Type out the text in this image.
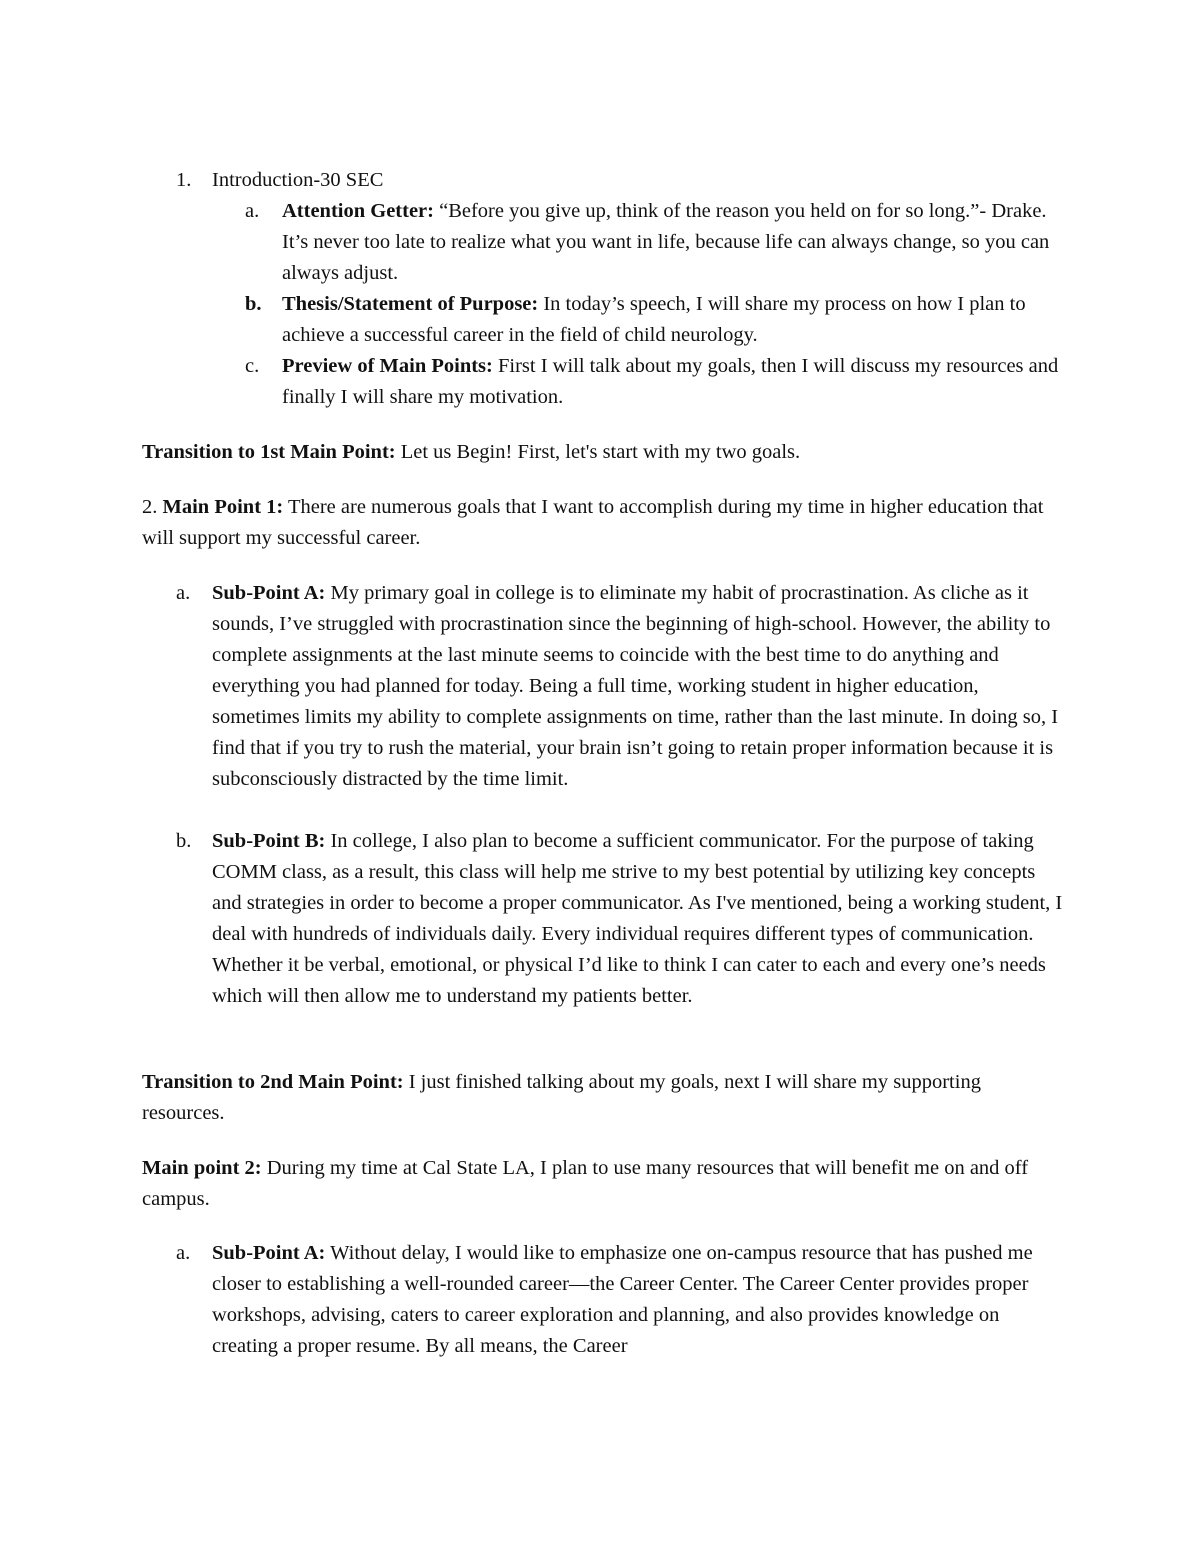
1. Introduction-30 SEC
a. Attention Getter: “Before you give up, think of the reason you held on for so long.”- Drake. It’s never too late to realize what you want in life, because life can always change, so you can always adjust.
b. Thesis/Statement of Purpose: In today’s speech, I will share my process on how I plan to achieve a successful career in the field of child neurology.
c. Preview of Main Points: First I will talk about my goals, then I will discuss my resources and finally I will share my motivation.
Transition to 1st Main Point: Let us Begin! First, let's start with my two goals.
2. Main Point 1: There are numerous goals that I want to accomplish during my time in higher education that will support my successful career.
a. Sub-Point A: My primary goal in college is to eliminate my habit of procrastination. As cliche as it sounds, I’ve struggled with procrastination since the beginning of high-school. However, the ability to complete assignments at the last minute seems to coincide with the best time to do anything and everything you had planned for today. Being a full time, working student in higher education, sometimes limits my ability to complete assignments on time, rather than the last minute. In doing so, I find that if you try to rush the material, your brain isn’t going to retain proper information because it is subconsciously distracted by the time limit.
b. Sub-Point B: In college, I also plan to become a sufficient communicator. For the purpose of taking COMM class, as a result, this class will help me strive to my best potential by utilizing key concepts and strategies in order to become a proper communicator. As I've mentioned, being a working student, I deal with hundreds of individuals daily. Every individual requires different types of communication. Whether it be verbal, emotional, or physical I’d like to think I can cater to each and every one’s needs which will then allow me to understand my patients better.
Transition to 2nd Main Point: I just finished talking about my goals, next I will share my supporting resources.
Main point 2: During my time at Cal State LA, I plan to use many resources that will benefit me on and off campus.
a. Sub-Point A: Without delay, I would like to emphasize one on-campus resource that has pushed me closer to establishing a well-rounded career—the Career Center. The Career Center provides proper workshops, advising, caters to career exploration and planning, and also provides knowledge on creating a proper resume. By all means, the Career
